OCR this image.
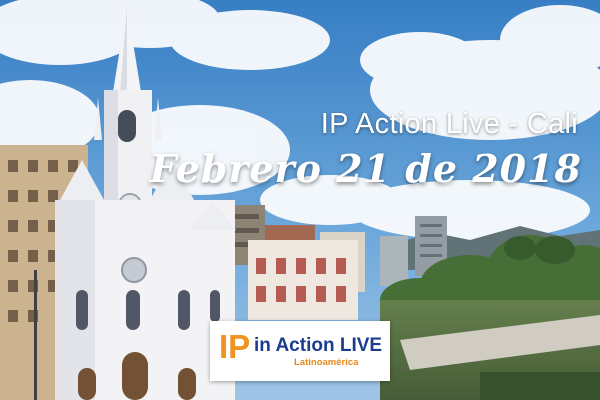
IP Action Live - Cali
Febrero 21 de 2018
IP in Action LIVE
Latinoamérica
